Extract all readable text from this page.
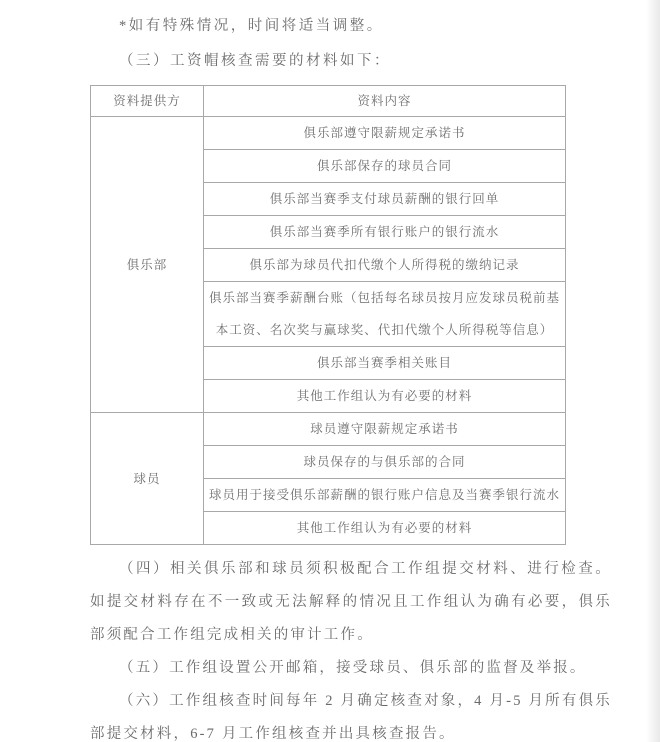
*如有特殊情况，时间将适当调整。

（三）工资帽核查需要的材料如下：

资料提供方	资料内容
俱乐部	俱乐部遵守限薪规定承诺书
	俱乐部保存的球员合同
	俱乐部当赛季支付球员薪酬的银行回单
	俱乐部当赛季所有银行账户的银行流水
	俱乐部为球员代扣代缴个人所得税的缴纳记录
	俱乐部当赛季薪酬台账（包括每名球员按月应发球员税前基本工资、名次奖与赢球奖、代扣代缴个人所得税等信息）
	俱乐部当赛季相关账目
	其他工作组认为有必要的材料
球员	球员遵守限薪规定承诺书
	球员保存的与俱乐部的合同
	球员用于接受俱乐部薪酬的银行账户信息及当赛季银行流水
	其他工作组认为有必要的材料

（四）相关俱乐部和球员须积极配合工作组提交材料、进行检查。如提交材料存在不一致或无法解释的情况且工作组认为确有必要，俱乐部须配合工作组完成相关的审计工作。

（五）工作组设置公开邮箱，接受球员、俱乐部的监督及举报。

（六）工作组核查时间每年 2 月确定核查对象，4 月-5 月所有俱乐部提交材料，6-7 月工作组核查并出具核查报告。
